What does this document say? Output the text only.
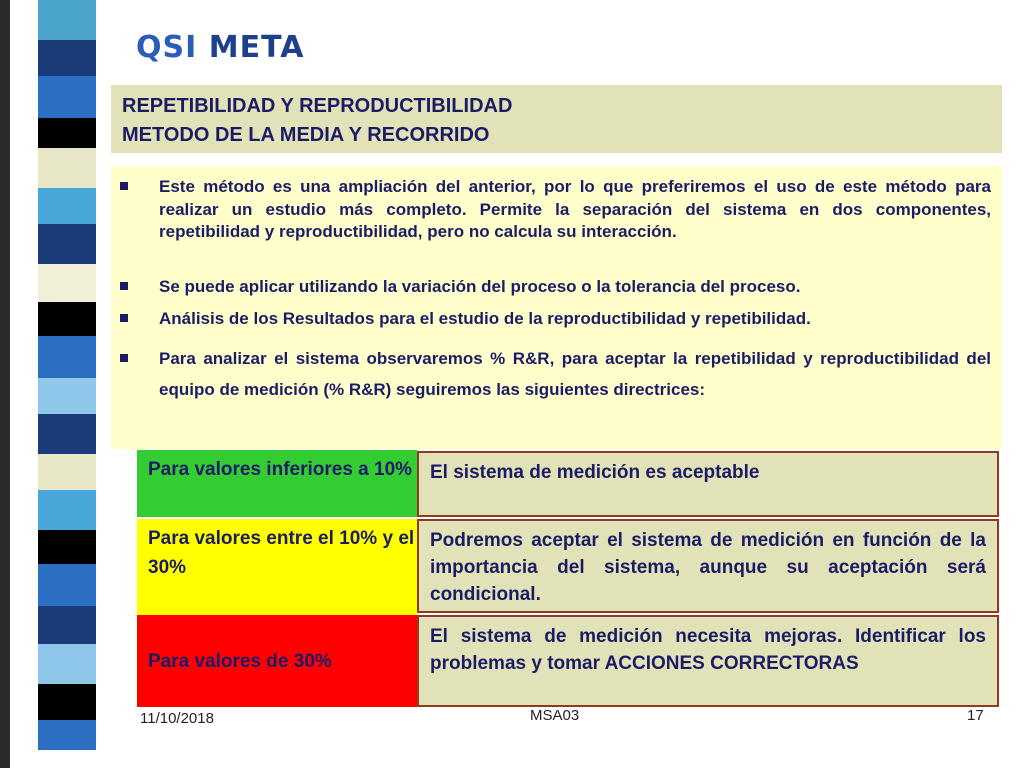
QSI META
REPETIBILIDAD Y REPRODUCTIBILIDAD
METODO DE LA MEDIA Y RECORRIDO
Este método es una ampliación del anterior, por lo que preferiremos el uso de este método para realizar un estudio más completo. Permite la separación del sistema en dos componentes, repetibilidad y reproductibilidad, pero no calcula su interacción.
Se puede aplicar utilizando la variación del proceso o la tolerancia del proceso.
Análisis de los Resultados para el estudio de la reproductibilidad y repetibilidad.
Para analizar el sistema observaremos % R&R, para aceptar la repetibilidad y reproductibilidad del equipo de medición (% R&R) seguiremos las siguientes directrices:
Para valores inferiores a 10% El sistema de medición es aceptable
Para valores entre el 10% y el 30%
Podremos aceptar el sistema de medición en función de la importancia del sistema, aunque su aceptación será condicional.
Para valores de 30%
El sistema de medición necesita mejoras. Identificar los problemas y tomar ACCIONES CORRECTORAS
11/10/2018	MSA03	17
